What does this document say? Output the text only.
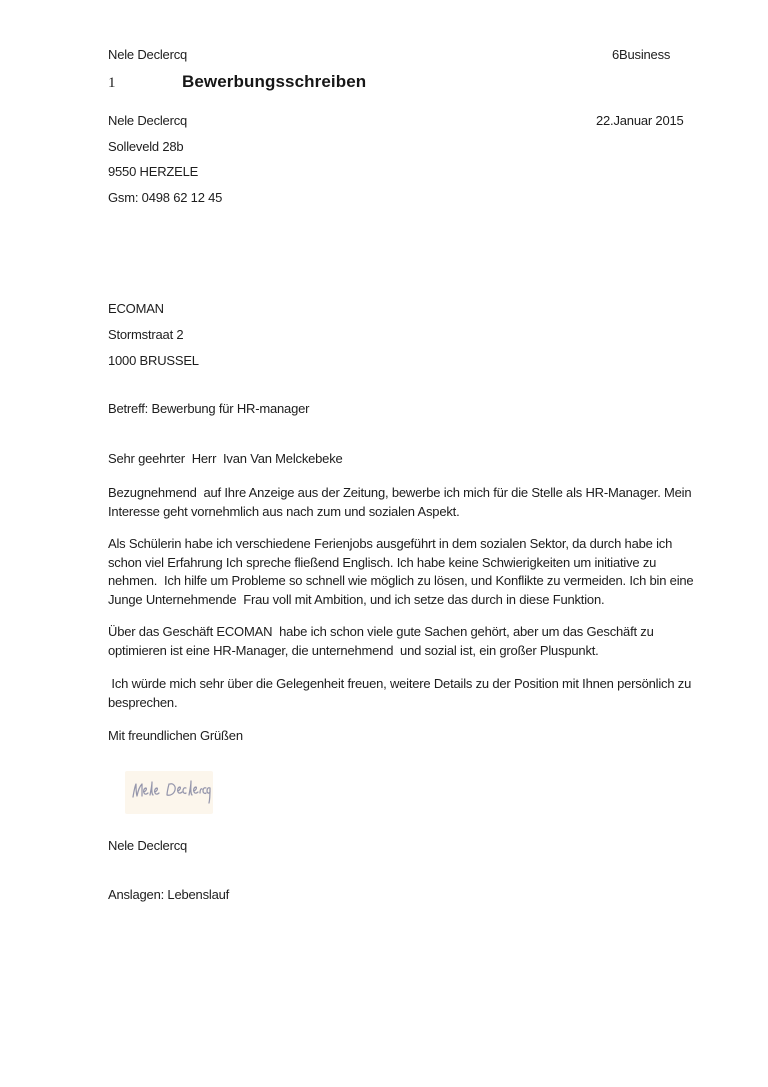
Nele Declercq	6Business
1	Bewerbungsschreiben
Nele Declercq	22.Januar 2015
Solleveld 28b
9550 HERZELE
Gsm: 0498 62 12 45
ECOMAN
Stormstraat 2
1000 BRUSSEL
Betreff: Bewerbung für HR-manager
Sehr geehrter  Herr  Ivan Van Melckebeke
Bezugnehmend  auf Ihre Anzeige aus der Zeitung, bewerbe ich mich für die Stelle als HR-Manager. Mein Interesse geht vornehmlich aus nach zum und sozialen Aspekt.
Als Schülerin habe ich verschiedene Ferienjobs ausgeführt in dem sozialen Sektor, da durch habe ich schon viel Erfahrung Ich spreche fließend Englisch. Ich habe keine Schwierigkeiten um initiative zu nehmen.  Ich hilfe um Probleme so schnell wie möglich zu lösen, und Konflikte zu vermeiden. Ich bin eine Junge Unternehmende  Frau voll mit Ambition, und ich setze das durch in diese Funktion.
Über das Geschäft ECOMAN  habe ich schon viele gute Sachen gehört, aber um das Geschäft zu  optimieren ist eine HR-Manager, die unternehmend  und sozial ist, ein großer Pluspunkt.
Ich würde mich sehr über die Gelegenheit freuen, weitere Details zu der Position mit Ihnen persönlich zu besprechen.
Mit freundlichen Grüßen
Nele Declercq
Anslagen: Lebenslauf
